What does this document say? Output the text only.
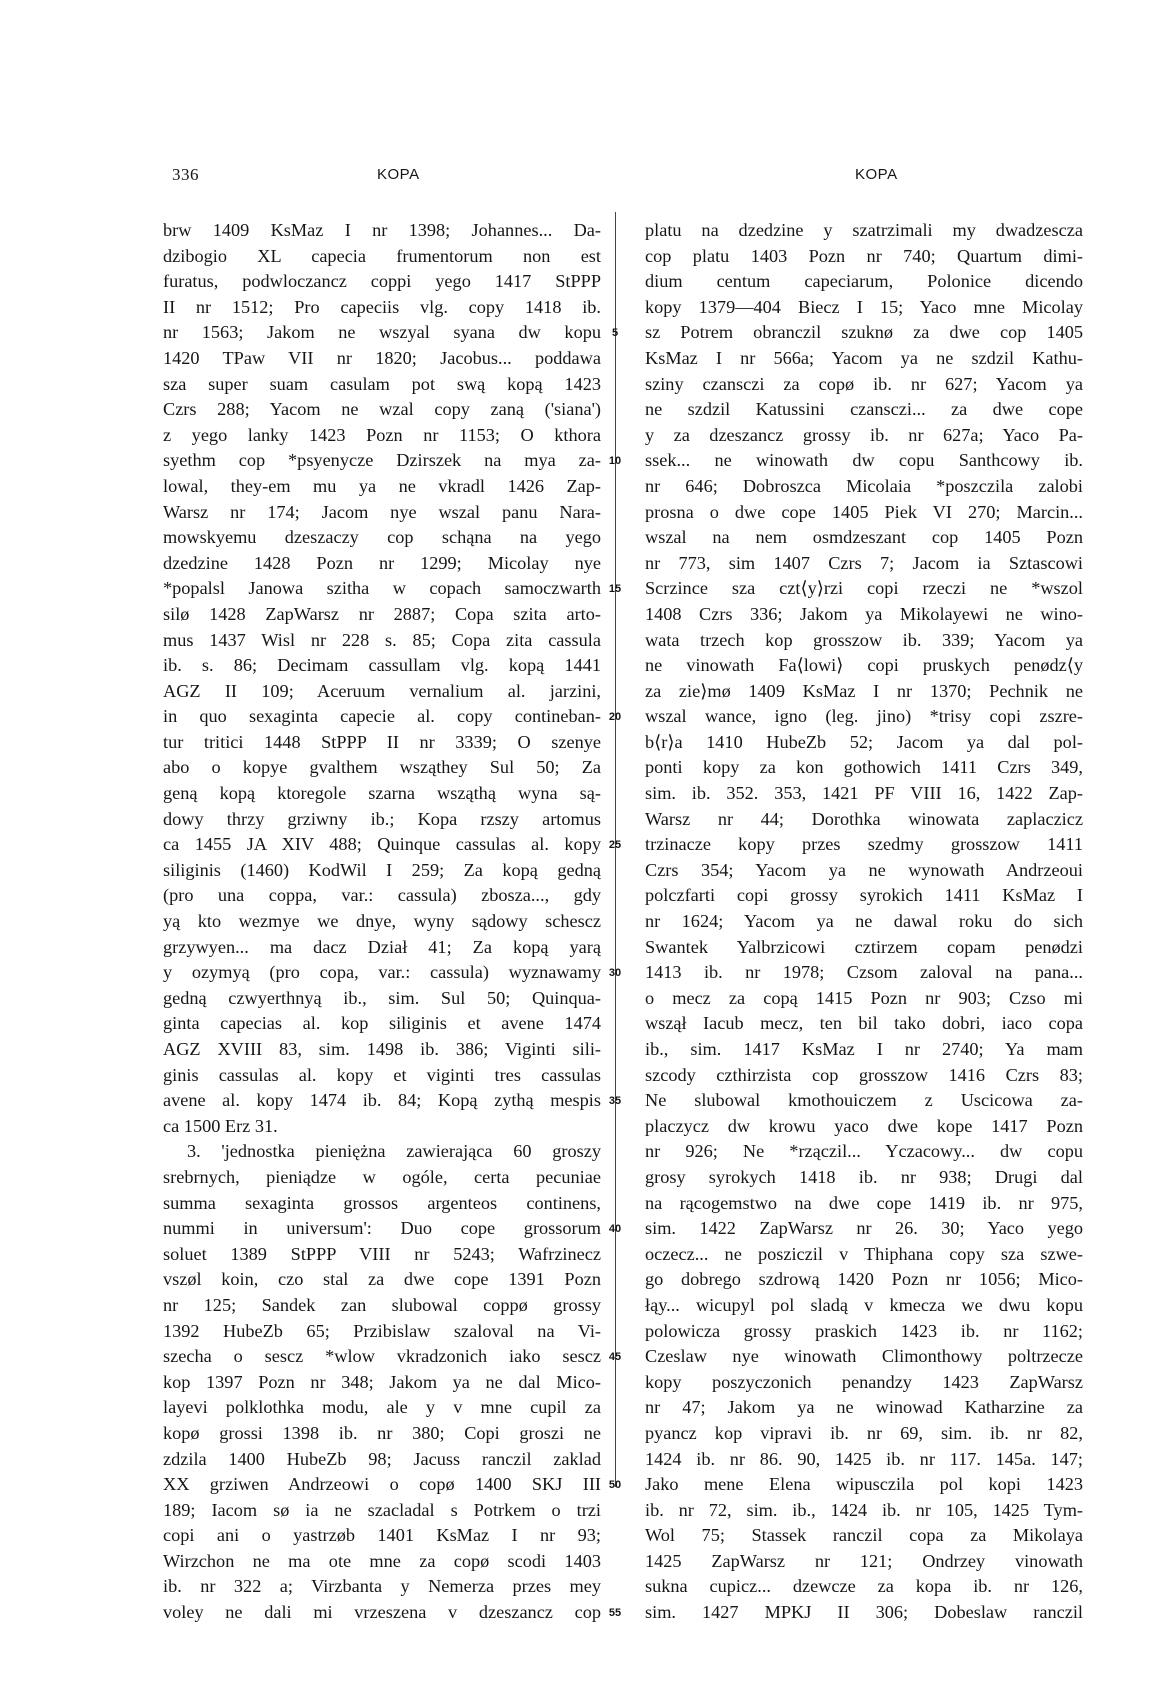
336	KOPA	KOPA
brw 1409 KsMaz I nr 1398; Johannes... Da-
dzibogio XL capecia frumentorum non est
furatus, podwloczancz coppi yego 1417 StPPP
II nr 1512; Pro capeciis vlg. copy 1418 ib.
nr 1563; Jakom ne wszyal syana dw kopu
1420 TPaw VII nr 1820; Jacobus... poddawa
sza super suam casulam pot swą kopą 1423
Czrs 288; Yacom ne wzal copy zaną ('siana')
z yego lanky 1423 Pozn nr 1153; O kthora
syethm cop *psyenycze Dzirszek na mya za-
lowal, they-em mu ya ne vkradl 1426 Zap-
Warsz nr 174; Jacom nye wszal panu Nara-
mowskyemu dzeszaczy cop schąna na yego
dzedzine 1428 Pozn nr 1299; Micolay nye
*popalsl Janowa szitha w copach samoczwarth
silø 1428 ZapWarsz nr 2887; Copa szita arto-
mus 1437 Wisl nr 228 s. 85; Copa zita cassula
ib. s. 86; Decimam cassullam vlg. kopą 1441
AGZ II 109; Aceruum vernalium al. jarzini,
in quo sexaginta capecie al. copy contineban-
tur tritici 1448 StPPP II nr 3339; O szenye
abo o kopye gvalthem wsząthey Sul 50; Za
geną kopą ktoregole szarna wsząthą wyna są-
dowy thrzy grziwny ib.; Kopa rzszy artomus
ca 1455 JA XIV 488; Quinque cassulas al. kopy
siliginis (1460) KodWil I 259; Za kopą gedną
(pro una coppa, var.: cassula) zbosza..., gdy
yą kto wezmye we dnye, wyny sądowy schescz
grzywyen... ma dacz Dział 41; Za kopą yarą
y ozymyą (pro copa, var.: cassula) wyznawamy
gedną czwyerthnyą ib., sim. Sul 50; Quinqua-
ginta capecias al. kop siliginis et avene 1474
AGZ XVIII 83, sim. 1498 ib. 386; Viginti sili-
ginis cassulas al. kopy et viginti tres cassulas
avene al. kopy 1474 ib. 84; Kopą zythą mespis
ca 1500 Erz 31.
3. 'jednostka pieniężna zawierająca 60 groszy
srebrnych, pieniądze w ogóle, certa pecuniae
summa sexaginta grossos argenteos continens,
nummi in universum': Duo cope grossorum
soluet 1389 StPPP VIII nr 5243; Wafrzinecz
vszøl koin, czo stal za dwe cope 1391 Pozn
nr 125; Sandek zan slubowal coppø grossy
1392 HubeZb 65; Przibislaw szaloval na Vi-
szecha o sescz *wlow vkradzonich iako sescz
kop 1397 Pozn nr 348; Jakom ya ne dal Mico-
layevi polklothka modu, ale y v mne cupil za
kopø grossi 1398 ib. nr 380; Copi groszi ne
zdzila 1400 HubeZb 98; Jacuss ranczil zaklad
XX grziwen Andrzeowi o copø 1400 SKJ III
189; Iacom sø ia ne szacladal s Potrkem o trzi
copi ani o yastrzøb 1401 KsMaz I nr 93;
Wirzchon ne ma ote mne za copø scodi 1403
ib. nr 322 a; Virzbanta y Nemerza przes mey
voley ne dali mi vrzeszena v dzeszancz cop
5
10
15
20
25
30
35
40
45
50
55
platu na dzedzine y szatrzimali my dwadzescza
cop platu 1403 Pozn nr 740; Quartum dimi-
dium centum capeciarum, Polonice dicendo
kopy 1379—404 Biecz I 15; Yaco mne Micolay
sz Potrem obranczil szuknø za dwe cop 1405
KsMaz I nr 566a; Yacom ya ne szdzil Kathu-
sziny czansczi za copø ib. nr 627; Yacom ya
ne szdzil Katussini czansczi... za dwe cope
y za dzeszancz grossy ib. nr 627a; Yaco Pa-
ssek... ne winowath dw copu Santhcowy ib.
nr 646; Dobroszca Micolaia *poszczila zalobi
prosna o dwe cope 1405 Piek VI 270; Marcin...
wszal na nem osmdzeszant cop 1405 Pozn
nr 773, sim 1407 Czrs 7; Jacom ia Sztascowi
Scrzince sza czt⟨y⟩rzi copi rzeczi ne *wszol
1408 Czrs 336; Jakom ya Mikolayewi ne wino-
wata trzech kop grosszow ib. 339; Yacom ya
ne vinowath Fa⟨lowi⟩ copi pruskych penødz⟨y
za zie⟩mø 1409 KsMaz I nr 1370; Pechnik ne
wszal wance, igno (leg. jino) *trisy copi zszre-
b⟨r⟩a 1410 HubeZb 52; Jacom ya dal pol-
ponti kopy za kon gothowich 1411 Czrs 349,
sim. ib. 352. 353, 1421 PF VIII 16, 1422 Zap-
Warsz nr 44; Dorothka winowata zaplaczicz
trzinacze kopy przes szedmy grosszow 1411
Czrs 354; Yacom ya ne wynowath Andrzeoui
polczfarti copi grossy syrokich 1411 KsMaz I
nr 1624; Yacom ya ne dawal roku do sich
Swantek Yalbrzicowi cztirzem copam penødzi
1413 ib. nr 1978; Czsom zaloval na pana...
o mecz za copą 1415 Pozn nr 903; Czso mi
wszął Iacub mecz, ten bil tako dobri, iaco copa
ib., sim. 1417 KsMaz I nr 2740; Ya mam
szcody czthirzista cop grosszow 1416 Czrs 83;
Ne slubowal kmothouiczem z Uscicowa za-
placzycz dw krowu yaco dwe kope 1417 Pozn
nr 926; Ne *rzączil... Yczacowy... dw copu
grosy syrokych 1418 ib. nr 938; Drugi dal
na rącogemstwo na dwe cope 1419 ib. nr 975,
sim. 1422 ZapWarsz nr 26. 30; Yaco yego
oczecz... ne posziczil v Thiphana copy sza szwe-
go dobrego szdrową 1420 Pozn nr 1056; Mico-
łąy... wicupyl pol sladą v kmecza we dwu kopu
polowicza grossy praskich 1423 ib. nr 1162;
Czeslaw nye winowath Climonthowy poltrzecze
kopy poszyczonich penandzy 1423 ZapWarsz
nr 47; Jakom ya ne winowad Katharzine za
pyancz kop vipravi ib. nr 69, sim. ib. nr 82,
1424 ib. nr 86. 90, 1425 ib. nr 117. 145a. 147;
Jako mene Elena wipusczila pol kopi 1423
ib. nr 72, sim. ib., 1424 ib. nr 105, 1425 Tym-
Wol 75; Stassek ranczil copa za Mikolaya
1425 ZapWarsz nr 121; Ondrzey vinowath
sukna cupicz... dzewcze za kopa ib. nr 126,
sim. 1427 MPKJ II 306; Dobeslaw ranczil
